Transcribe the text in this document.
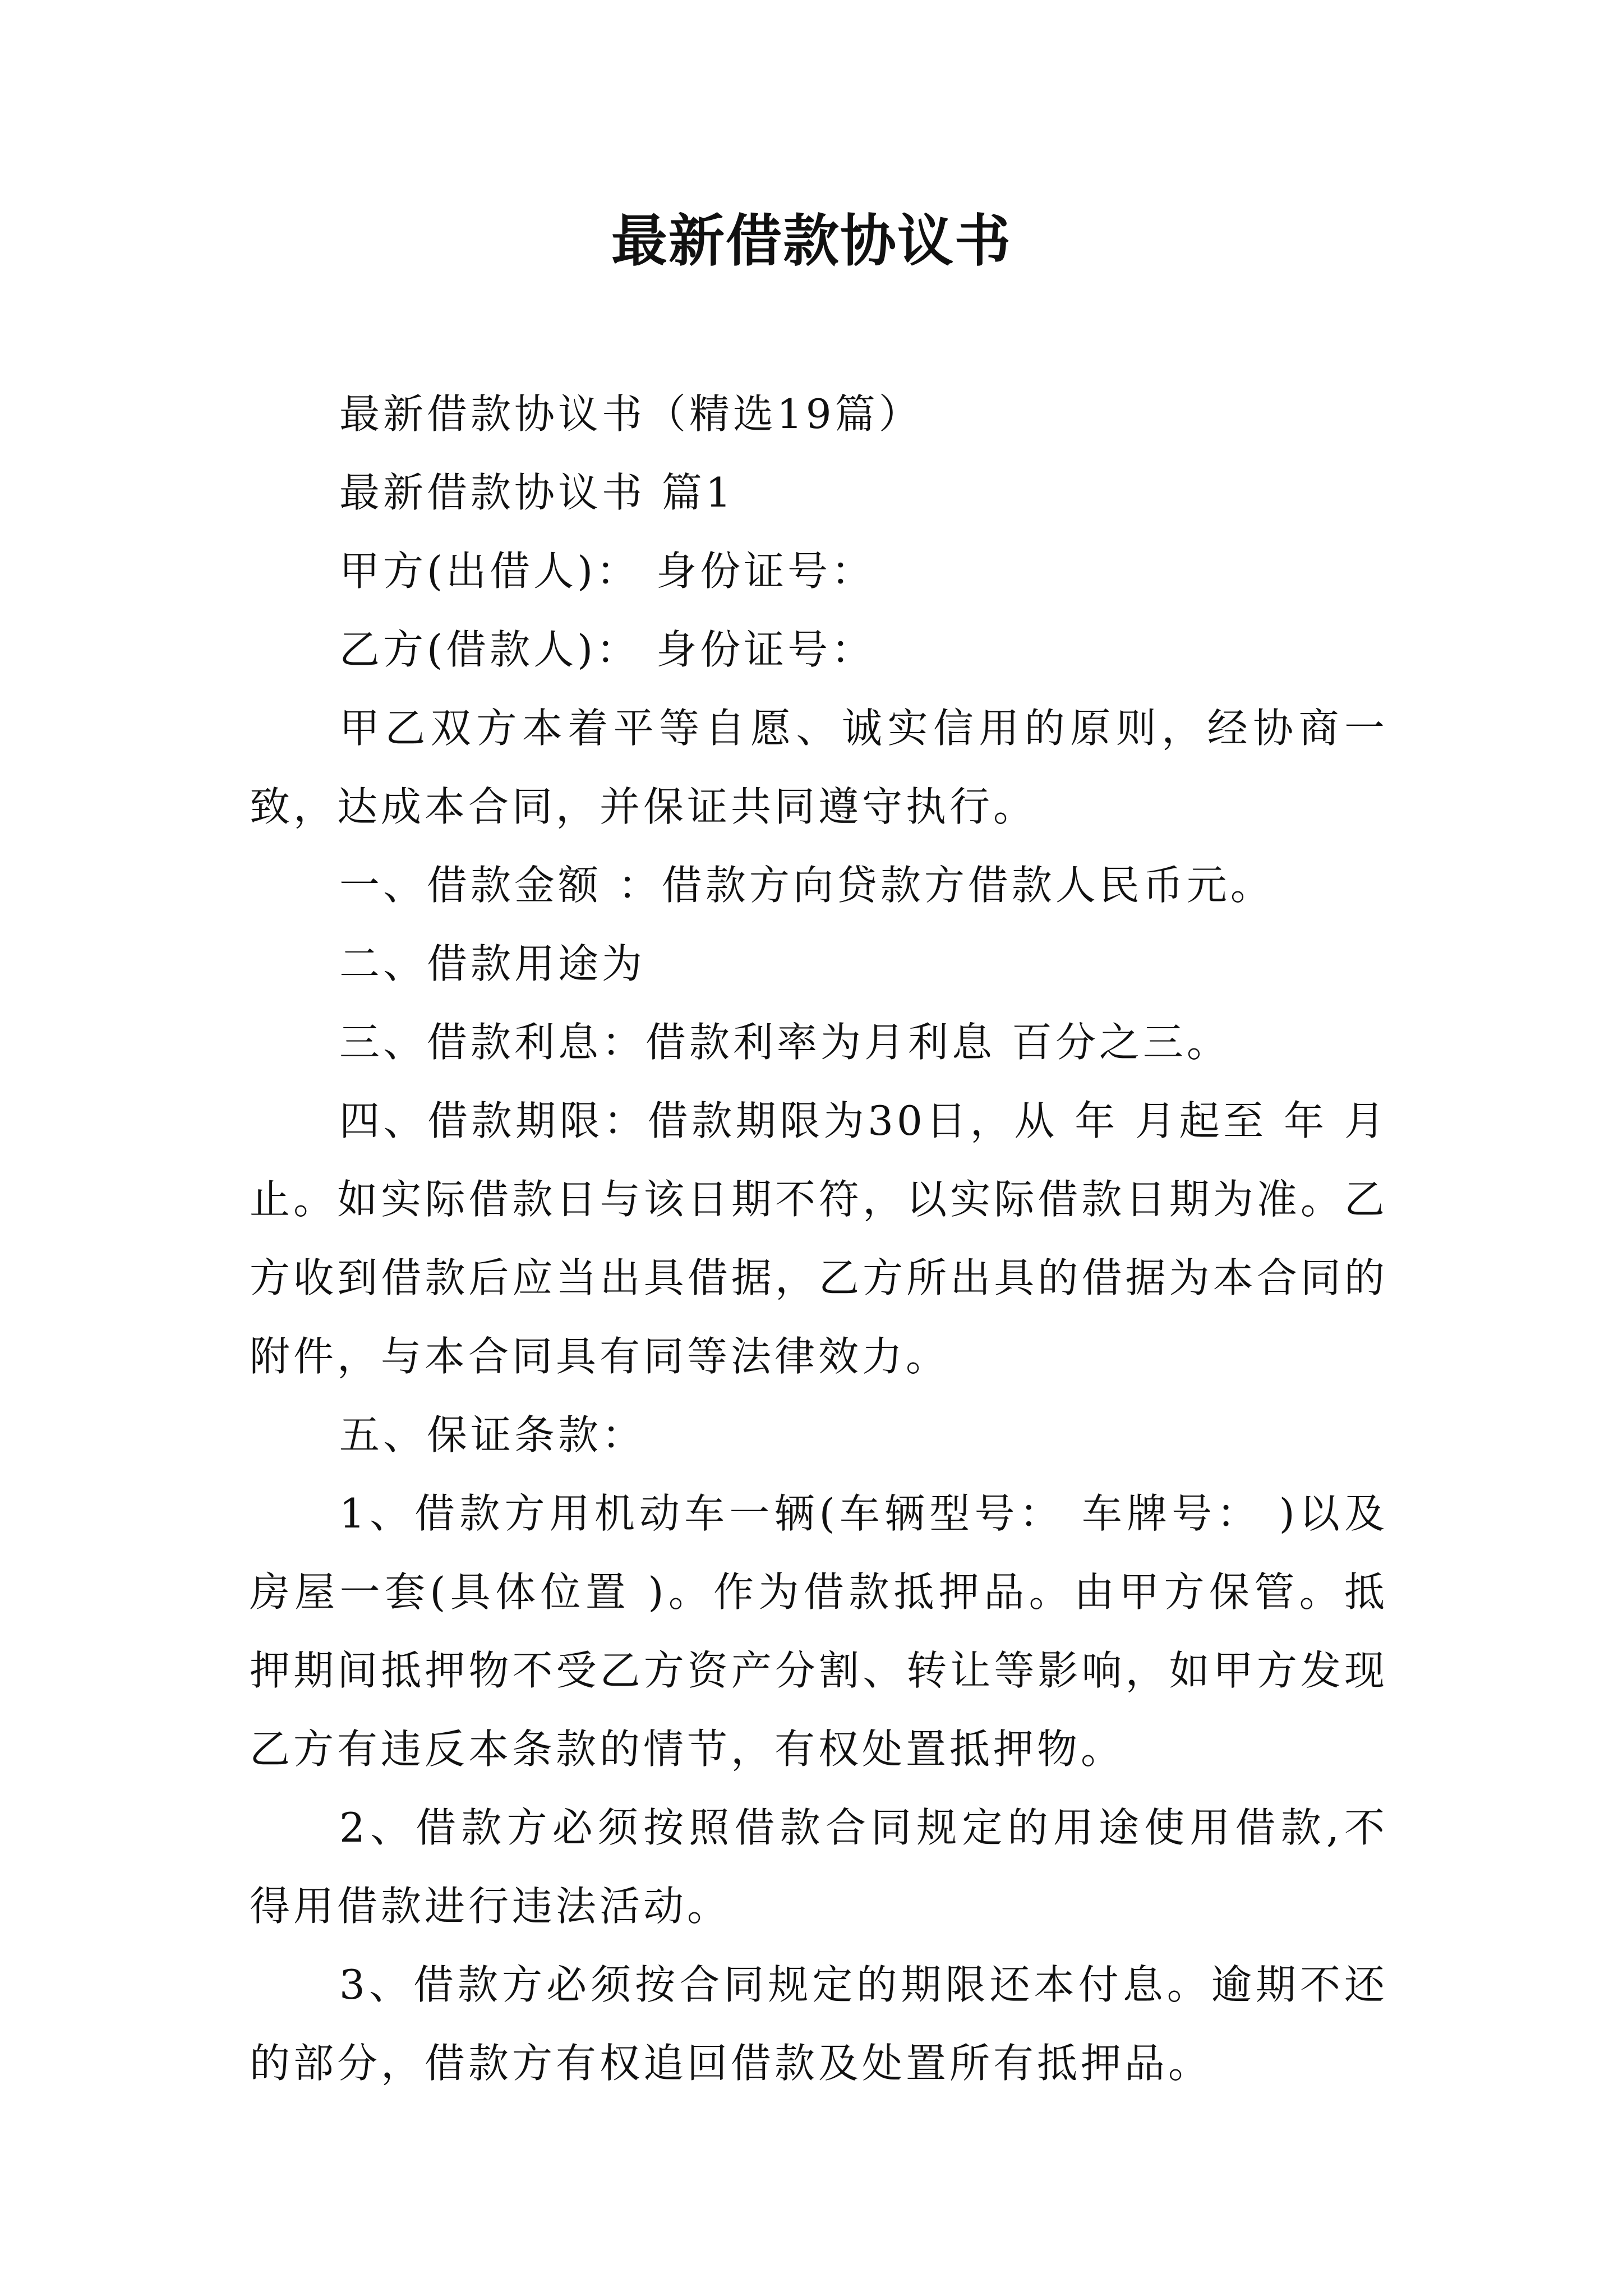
最新借款协议书

最新借款协议书（精选19篇）

最新借款协议书 篇1

甲方(出借人)： 身份证号：

乙方(借款人)： 身份证号：

甲乙双方本着平等自愿、诚实信用的原则，经协商一致，达成本合同，并保证共同遵守执行。

一、借款金额 ：借款方向贷款方借款人民币元。

二、借款用途为

三、借款利息：借款利率为月利息 百分之三。

四、借款期限：借款期限为30日，从 年 月起至 年 月止。如实际借款日与该日期不符，以实际借款日期为准。乙方收到借款后应当出具借据，乙方所出具的借据为本合同的附件，与本合同具有同等法律效力。

五、保证条款：

1、借款方用机动车一辆(车辆型号： 车牌号： )以及房屋一套(具体位置 )。作为借款抵押品。由甲方保管。抵押期间抵押物不受乙方资产分割、转让等影响，如甲方发现乙方有违反本条款的情节，有权处置抵押物。

2、借款方必须按照借款合同规定的用途使用借款,不得用借款进行违法活动。

3、借款方必须按合同规定的期限还本付息。逾期不还的部分，借款方有权追回借款及处置所有抵押品。
